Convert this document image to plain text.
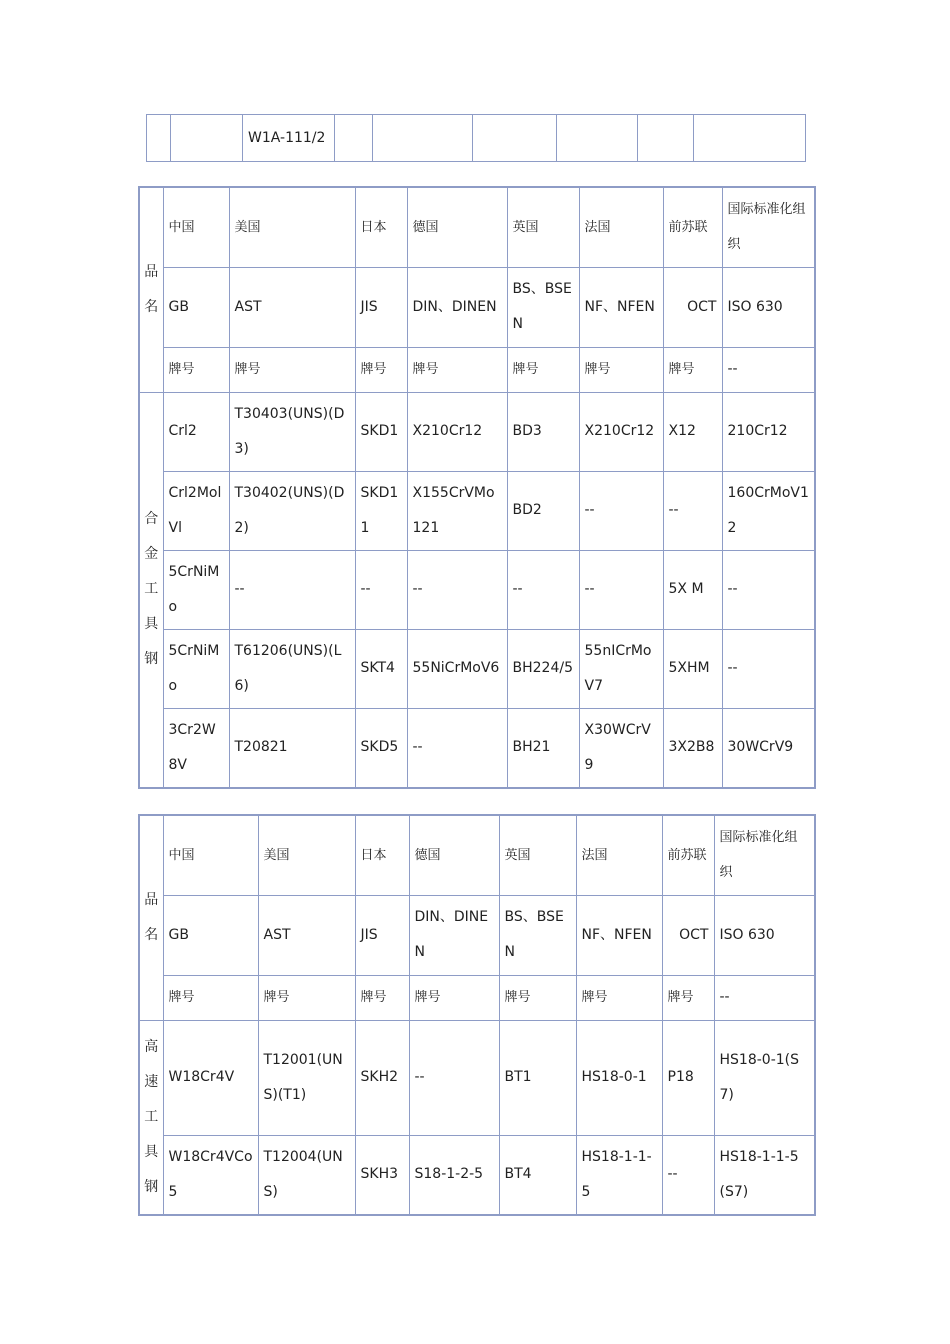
		W1A-111/2						
品名	中国	美国	日本	德国	英国	法国	前苏联	国际标准化组织
	GB	AST	JIS	DIN、DINEN	BS、BSEN	NF、NFEN	OCT	ISO 630
	牌号	牌号	牌号	牌号	牌号	牌号	牌号	--

合金工具钢	Crl2	T30403(UNS)(D3)	SKD1	X210Cr12	BD3	X210Cr12	X12	210Cr12
	Crl2MolVl	T30402(UNS)(D2)	SKD11	X155CrVMo121	BD2	--	--	160CrMoV12
	5CrNiMo	--	--	--	--	--	5X M	--
	5CrNiMo	T61206(UNS)(L6)	SKT4	55NiCrMoV6	BH224/5	55nICrMoV7	5XHM	--
	3Cr2W8V	T20821	SKD5	--	BH21	X30WCrV9	3X2B8	30WCrV9
品名	中国	美国	日本	德国	英国	法国	前苏联	国际标准化组织
	GB	AST	JIS	DIN、DINEN	BS、BSEN	NF、NFEN	OCT	ISO 630
	牌号	牌号	牌号	牌号	牌号	牌号	牌号	--

高速工具钢	W18Cr4V	T12001(UNS)(T1)	SKH2	--	BT1	HS18-0-1	P18	HS18-0-1(S7)
	W18Cr4VCo5	T12004(UNS)	SKH3	S18-1-2-5	BT4	HS18-1-1-5	--	HS18-1-1-5(S7)
